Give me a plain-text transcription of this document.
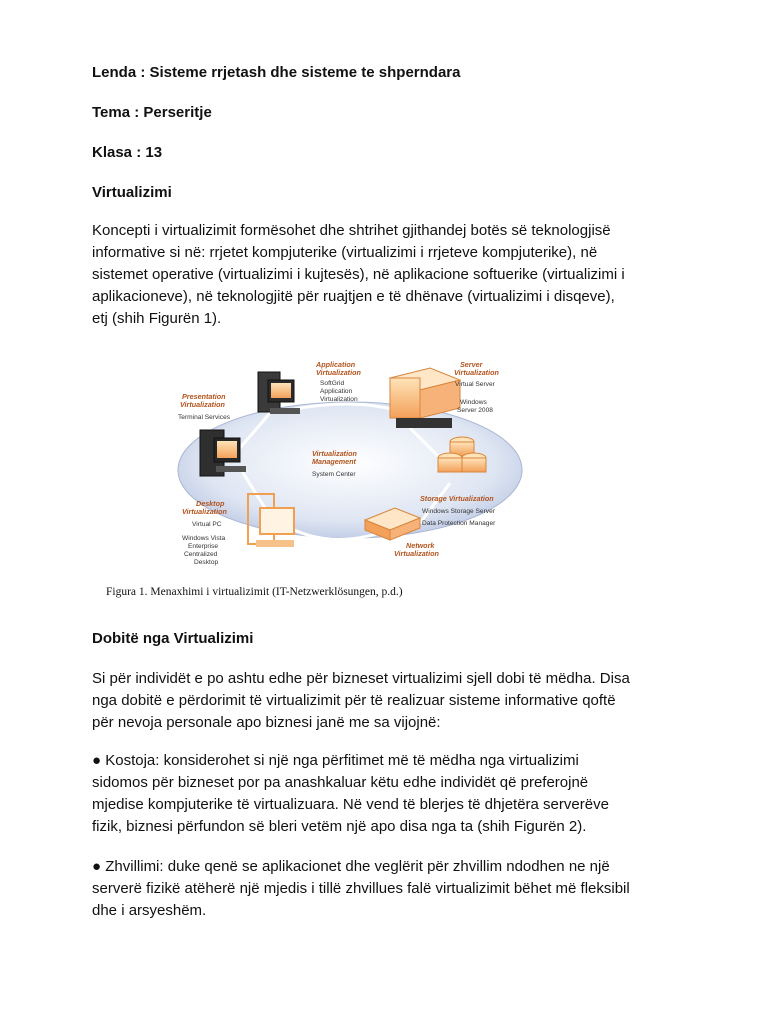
Lenda : Sisteme rrjetash dhe sisteme te shperndara
Tema : Perseritje
Klasa : 13
Virtualizimi

Koncepti i virtualizimit formësohet dhe shtrihet gjithandej botës së teknologjisë

informative si në: rrjetet kompjuterike (virtualizimi i rrjeteve kompjuterike), në

sistemet operative (virtualizimi i kujtesës), në aplikacione softuerike (virtualizimi i

aplikacioneve), në teknologjitë për ruajtjen e të dhënave (virtualizimi i disqeve),

etj (shih Figurën 1).

Application
Virtualization
SoftGrid
Application
Virtualization
Server
Virtualization
Virtual Server
Windows
Server 2008
Presentation
Virtualization
Terminal Services
Virtualization
Management
System Center
Storage Virtualization
Windows Storage Server
Data Protection Manager
Desktop
Virtualization
Virtual PC
Windows Vista
Enterprise
Centralized
Desktop
Network
Virtualization
Figura 1. Menaxhimi i virtualizimit (IT-Netzwerklösungen, p.d.)
Dobitë nga Virtualizimi

Si për individët e po ashtu edhe për bizneset virtualizimi sjell dobi të mëdha. Disa

nga dobitë e përdorimit të virtualizimit për të realizuar sisteme informative qoftë

për nevoja personale apo biznesi janë me sa vijojnë:

● Kostoja: konsiderohet si një nga përfitimet më të mëdha nga virtualizimi

sidomos për bizneset por pa anashkaluar këtu edhe individët që preferojnë

mjedise kompjuterike të virtualizuara. Në vend të blerjes të dhjetëra serverëve

fizik, biznesi përfundon së bleri vetëm një apo disa nga ta (shih Figurën 2).

● Zhvillimi: duke qenë se aplikacionet dhe veglërit për zhvillim ndodhen ne një

serverë fizikë atëherë një mjedis i tillë zhvillues falë virtualizimit bëhet më fleksibil

dhe i arsyeshëm.
